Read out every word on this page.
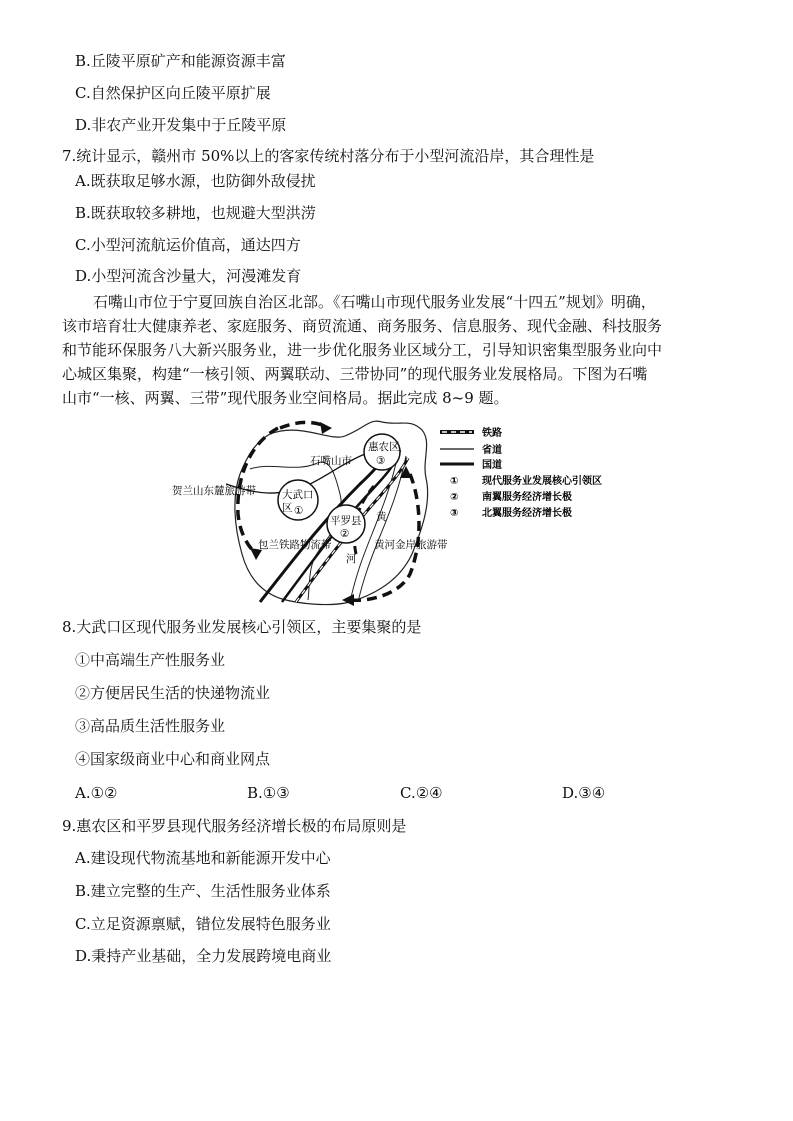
B.丘陵平原矿产和能源资源丰富
C.自然保护区向丘陵平原扩展
D.非农产业开发集中于丘陵平原
7.统计显示，赣州市 50%以上的客家传统村落分布于小型河流沿岸，其合理性是
A.既获取足够水源，也防御外敌侵扰
B.既获取较多耕地，也规避大型洪涝
C.小型河流航运价值高，通达四方
D.小型河流含沙量大，河漫滩发育
石嘴山市位于宁夏回族自治区北部。《石嘴山市现代服务业发展“十四五”规划》明确，
该市培育壮大健康养老、家庭服务、商贸流通、商务服务、信息服务、现代金融、科技服务
和节能环保服务八大新兴服务业，进一步优化服务业区域分工，引导知识密集型服务业向中
心城区集聚，构建“一核引领、两翼联动、三带协同”的现代服务业发展格局。下图为石嘴
山市“一核、两翼、三带”现代服务业空间格局。据此完成 8~9 题。
石嘴山市
惠农区
③
大武口
区 ①
平罗县
②
贺兰山东麓旅游带
包兰铁路物流带	黄河金岸旅游带
黄
河
铁路
省道
国道
① 现代服务业发展核心引领区
② 南翼服务经济增长极
③ 北翼服务经济增长极
8.大武口区现代服务业发展核心引领区，主要集聚的是
①中高端生产性服务业
②方便居民生活的快递物流业
③高品质生活性服务业
④国家级商业中心和商业网点
A.①②	B.①③	C.②④	D.③④
9.惠农区和平罗县现代服务经济增长极的布局原则是
A.建设现代物流基地和新能源开发中心
B.建立完整的生产、生活性服务业体系
C.立足资源禀赋，错位发展特色服务业
D.秉持产业基础，全力发展跨境电商业
